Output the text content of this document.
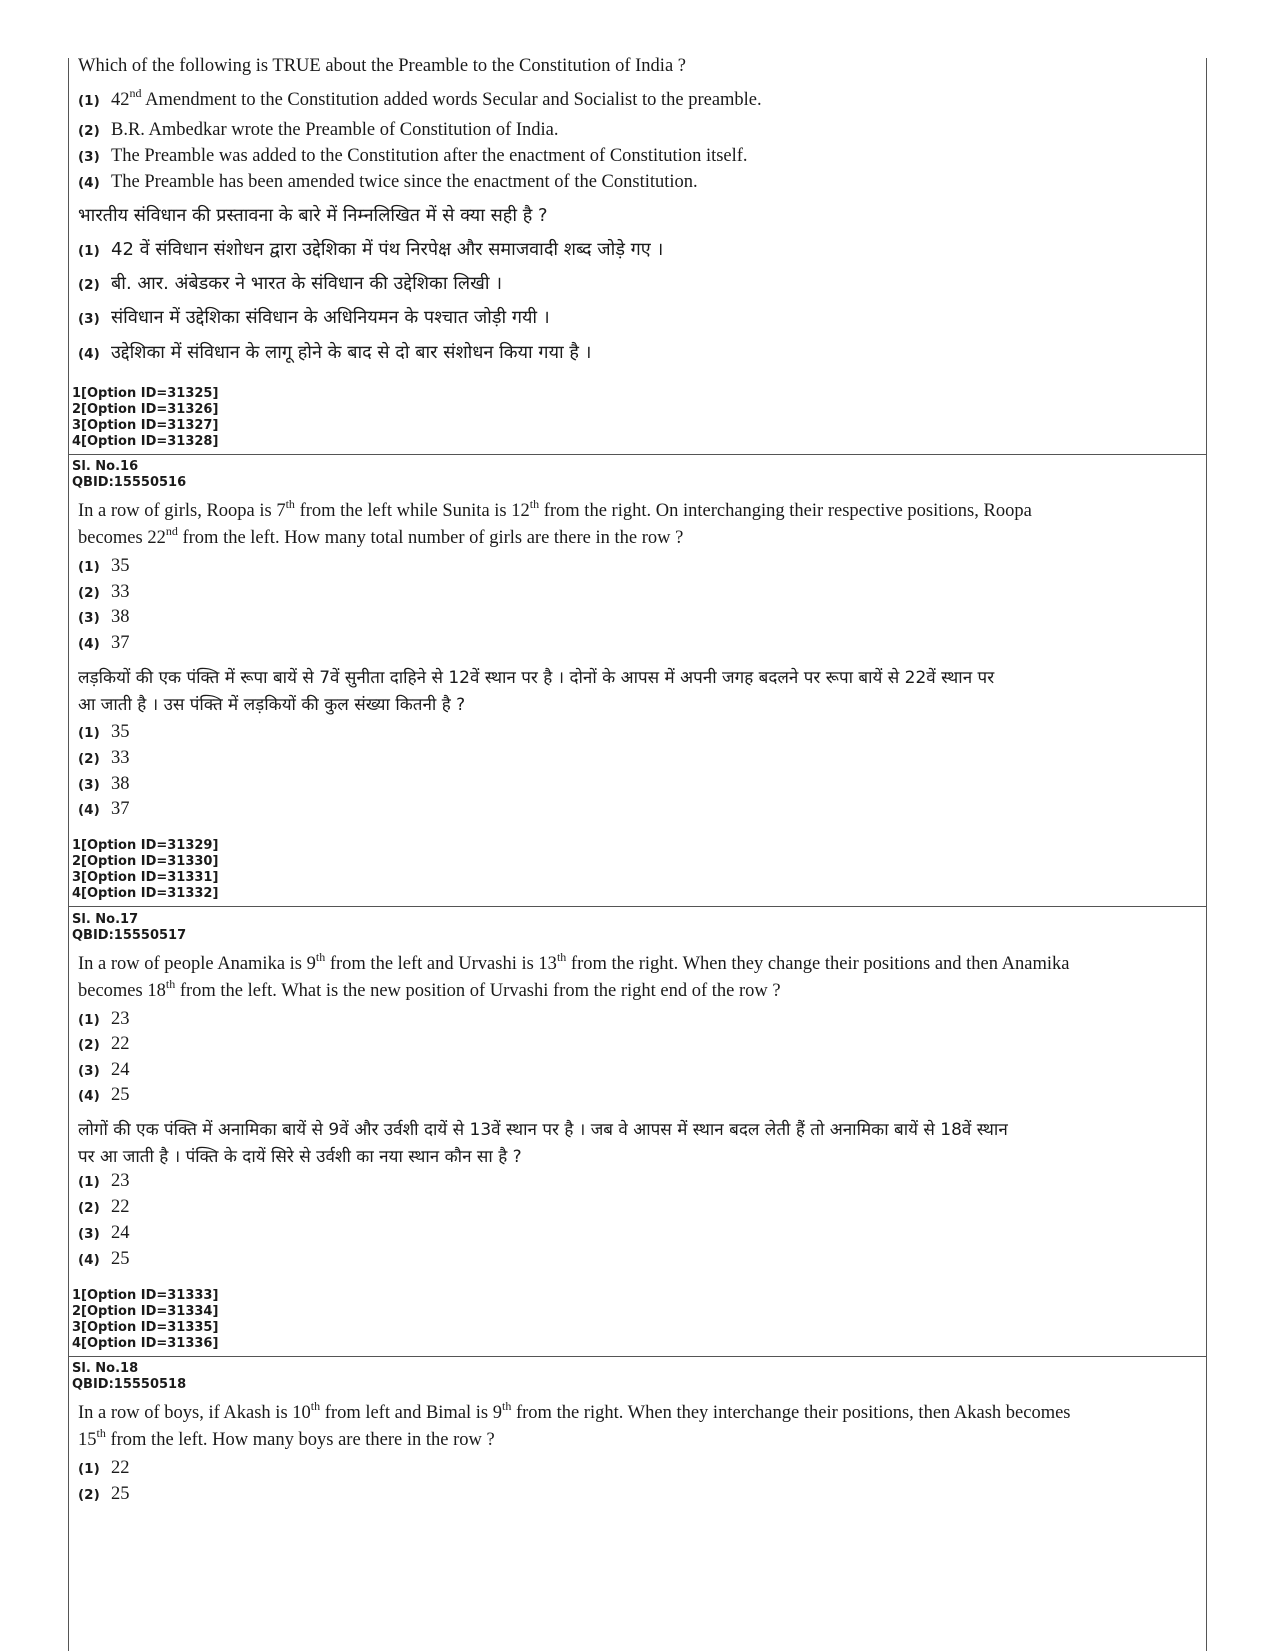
Which of the following is TRUE about the Preamble to the Constitution of India ?
(1) 42nd Amendment to the Constitution added words Secular and Socialist to the preamble.
(2) B.R. Ambedkar wrote the Preamble of Constitution of India.
(3) The Preamble was added to the Constitution after the enactment of Constitution itself.
(4) The Preamble has been amended twice since the enactment of the Constitution.
भारतीय संविधान की प्रस्तावना के बारे में निम्नलिखित में से क्या सही है ?
(1) 42 वें संविधान संशोधन द्वारा उद्देशिका में पंथ निरपेक्ष और समाजवादी शब्द जोड़े गए ।
(2) बी. आर. अंबेडकर ने भारत के संविधान की उद्देशिका लिखी ।
(3) संविधान में उद्देशिका संविधान के अधिनियमन के पश्चात जोड़ी गयी ।
(4) उद्देशिका में संविधान के लागू होने के बाद से दो बार संशोधन किया गया है ।
1[Option ID=31325]
2[Option ID=31326]
3[Option ID=31327]
4[Option ID=31328]
Sl. No.16
QBID:15550516
In a row of girls, Roopa is 7th from the left while Sunita is 12th from the right. On interchanging their respective positions, Roopa
becomes 22nd from the left. How many total number of girls are there in the row ?
(1) 35
(2) 33
(3) 38
(4) 37
लड़कियों की एक पंक्ति में रूपा बायें से 7वें सुनीता दाहिने से 12वें स्थान पर है । दोनों के आपस में अपनी जगह बदलने पर रूपा बायें से 22वें स्थान पर
आ जाती है । उस पंक्ति में लड़कियों की कुल संख्या कितनी है ?
(1) 35
(2) 33
(3) 38
(4) 37
1[Option ID=31329]
2[Option ID=31330]
3[Option ID=31331]
4[Option ID=31332]
Sl. No.17
QBID:15550517
In a row of people Anamika is 9th from the left and Urvashi is 13th from the right. When they change their positions and then Anamika
becomes 18th from the left. What is the new position of Urvashi from the right end of the row ?
(1) 23
(2) 22
(3) 24
(4) 25
लोगों की एक पंक्ति में अनामिका बायें से 9वें और उर्वशी दायें से 13वें स्थान पर है । जब वे आपस में स्थान बदल लेती हैं तो अनामिका बायें से 18वें स्थान
पर आ जाती है । पंक्ति के दायें सिरे से उर्वशी का नया स्थान कौन सा है ?
(1) 23
(2) 22
(3) 24
(4) 25
1[Option ID=31333]
2[Option ID=31334]
3[Option ID=31335]
4[Option ID=31336]
Sl. No.18
QBID:15550518
In a row of boys, if Akash is 10th from left and Bimal is 9th from the right. When they interchange their positions, then Akash becomes
15th from the left. How many boys are there in the row ?
(1) 22
(2) 25
